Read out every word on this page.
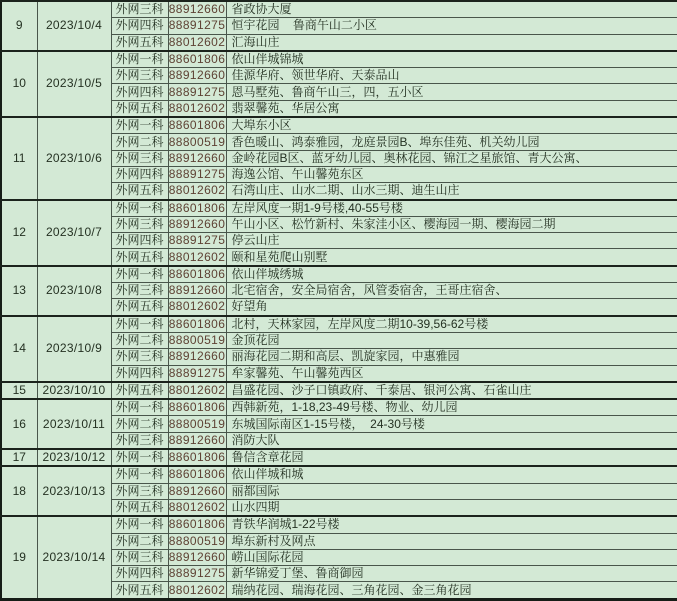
9	2023/10/4	外网三科	88912660	省政协大厦
		外网四科	88891275	恒宇花园    鲁商午山二小区
		外网五科	88012602	汇海山庄
10	2023/10/5	外网一科	88601806	依山伴城锦城
		外网三科	88912660	佳源华府、领世华府、天泰品山
		外网四科	88891275	恩马墅苑、鲁商午山三，四，五小区
		外网五科	88012602	翡翠馨苑、华居公寓
11	2023/10/6	外网一科	88601806	大埠东小区
		外网二科	88800519	香色暖山、鸿泰雅园，龙庭景园B、埠东佳苑、机关幼儿园
		外网三科	88912660	金岭花园B区、蓝牙幼儿园、奥林花园、锦江之星旅馆、青大公寓、
		外网四科	88891275	海逸公馆、午山馨苑东区
		外网五科	88012602	石湾山庄、山水二期、山水三期、迪生山庄
12	2023/10/7	外网一科	88601806	左岸风度一期1-9号楼,40-55号楼
		外网三科	88912660	午山小区、松竹新村、朱家洼小区、樱海园一期、樱海园二期
		外网四科	88891275	停云山庄
		外网五科	88012602	颐和星苑爬山别墅
13	2023/10/8	外网一科	88601806	依山伴城绣城
		外网三科	88912660	北宅宿舍，安全局宿舍，风管委宿舍，王哥庄宿舍、
		外网五科	88012602	好望角
14	2023/10/9	外网一科	88601806	北村，天林家园，左岸风度二期10-39,56-62号楼
		外网二科	88800519	金顶花园
		外网三科	88912660	丽海花园二期和高层、凯旋家园，中惠雅园
		外网四科	88891275	牟家馨苑、午山馨苑西区
15	2023/10/10	外网五科	88012602	昌盛花园、沙子口镇政府、千泰居、银河公寓、石雀山庄
16	2023/10/11	外网一科	88601806	西韩新苑，1-18,23-49号楼、物业、幼儿园
		外网二科	88800519	东城国际南区1-15号楼，  24-30号楼
		外网三科	88912660	消防大队
17	2023/10/12	外网一科	88601806	鲁信含章花园
18	2023/10/13	外网一科	88601806	依山伴城和城
		外网三科	88912660	丽都国际
		外网五科	88012602	山水四期
19	2023/10/14	外网一科	88601806	青铁华润城1-22号楼
		外网二科	88800519	埠东新村及网点
		外网三科	88912660	崂山国际花园
		外网四科	88891275	新华锦爱丁堡、鲁商御园
		外网五科	88012602	瑞纳花园、瑞海花园、三角花园、金三角花园
